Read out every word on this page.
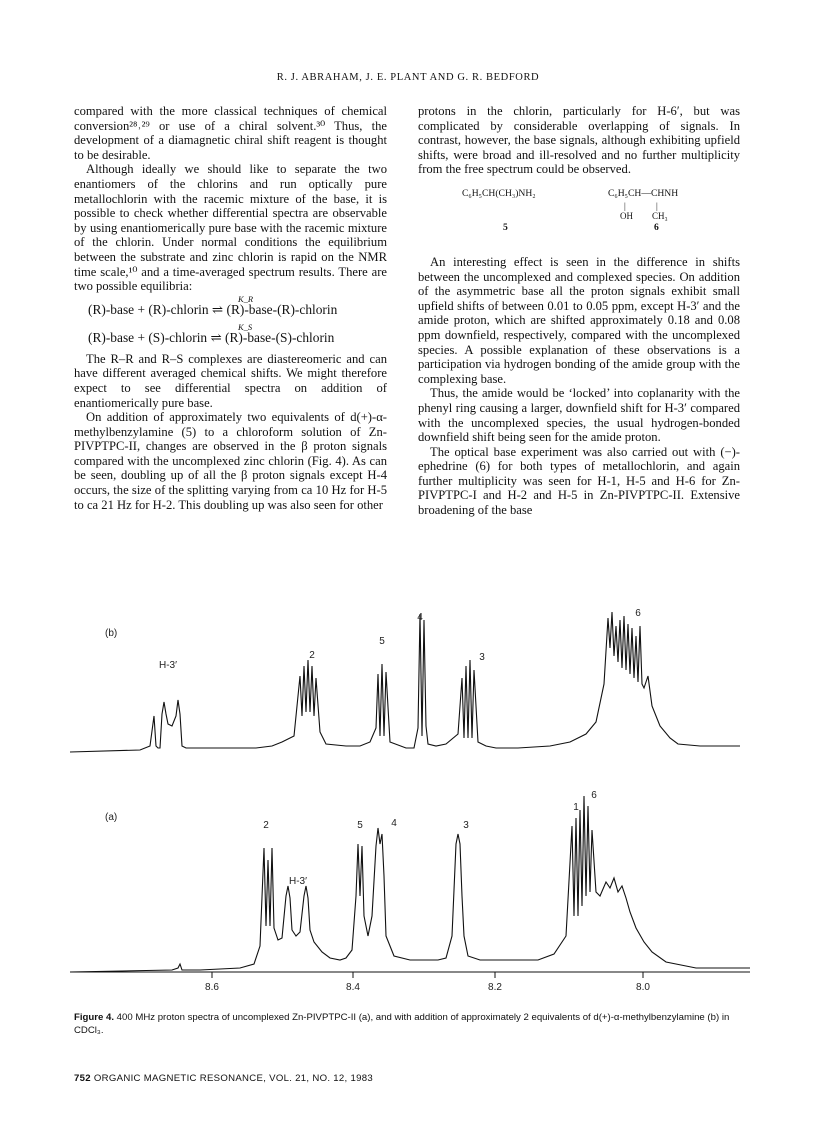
R. J. ABRAHAM, J. E. PLANT AND G. R. BEDFORD

compared with the more classical techniques of chemical conversion²⁸˒²⁹ or use of a chiral solvent.³⁰ Thus, the development of a diamagnetic chiral shift reagent is thought to be desirable.

Although ideally we should like to separate the two enantiomers of the chlorins and run optically pure metallochlorin with the racemic mixture of the base, it is possible to check whether differential spectra are observable by using enantiomerically pure base with the racemic mixture of the chlorin. Under normal conditions the equilibrium between the substrate and zinc chlorin is rapid on the NMR time scale,¹⁰ and a time-averaged spectrum results. There are two possible equilibria:

K_R
(R)-base + (R)-chlorin ⇌ (R)-base-(R)-chlorin
K_S
(R)-base + (S)-chlorin ⇌ (R)-base-(S)-chlorin

The R–R and R–S complexes are diastereomeric and can have different averaged chemical shifts. We might therefore expect to see differential spectra on addition of enantiomerically pure base.

On addition of approximately two equivalents of d(+)-α-methylbenzylamine (5) to a chloroform solution of Zn-PIVPTPC-II, changes are observed in the β proton signals compared with the uncomplexed zinc chlorin (Fig. 4). As can be seen, doubling up of all the β proton signals except H-4 occurs, the size of the splitting varying from ca 10 Hz for H-5 to ca 21 Hz for H-2. This doubling up was also seen for other

protons in the chlorin, particularly for H-6′, but was complicated by considerable overlapping of signals. In contrast, however, the base signals, although exhibiting upfield shifts, were broad and ill-resolved and no further multiplicity from the free spectrum could be observed.

C₆H₅CH(CH₃)NH₂
5
C₆H₅CH—CHNH
|	|
OH CH₃
6

An interesting effect is seen in the difference in shifts between the uncomplexed and complexed species. On addition of the asymmetric base all the proton signals exhibit small upfield shifts of between 0.01 to 0.05 ppm, except H-3′ and the amide proton, which are shifted approximately 0.18 and 0.08 ppm downfield, respectively, compared with the uncomplexed species. A possible explanation of these observations is a participation via hydrogen bonding of the amide group with the complexing base.

Thus, the amide would be ‘locked’ into coplanarity with the phenyl ring causing a larger, downfield shift for H-3′ compared with the uncomplexed species, the usual hydrogen-bonded downfield shift being seen for the amide proton.

The optical base experiment was also carried out with (−)-ephedrine (6) for both types of metallochlorin, and again further multiplicity was seen for H-1, H-5 and H-6 for Zn-PIVPTPC-I and H-2 and H-5 in Zn-PIVPTPC-II. Extensive broadening of the base

(b)
(a)
8.6	8.4	8.2	8.0
H-3′
2
5
4
3
6
2
H-3′
5	4	3
1
6
Figure 4. 400 MHz proton spectra of uncomplexed Zn-PIVPTPC-II (a), and with addition of approximately 2 equivalents of d(+)-α-methylbenzylamine (b) in CDCl₃.
752 ORGANIC MAGNETIC RESONANCE, VOL. 21, NO. 12, 1983
